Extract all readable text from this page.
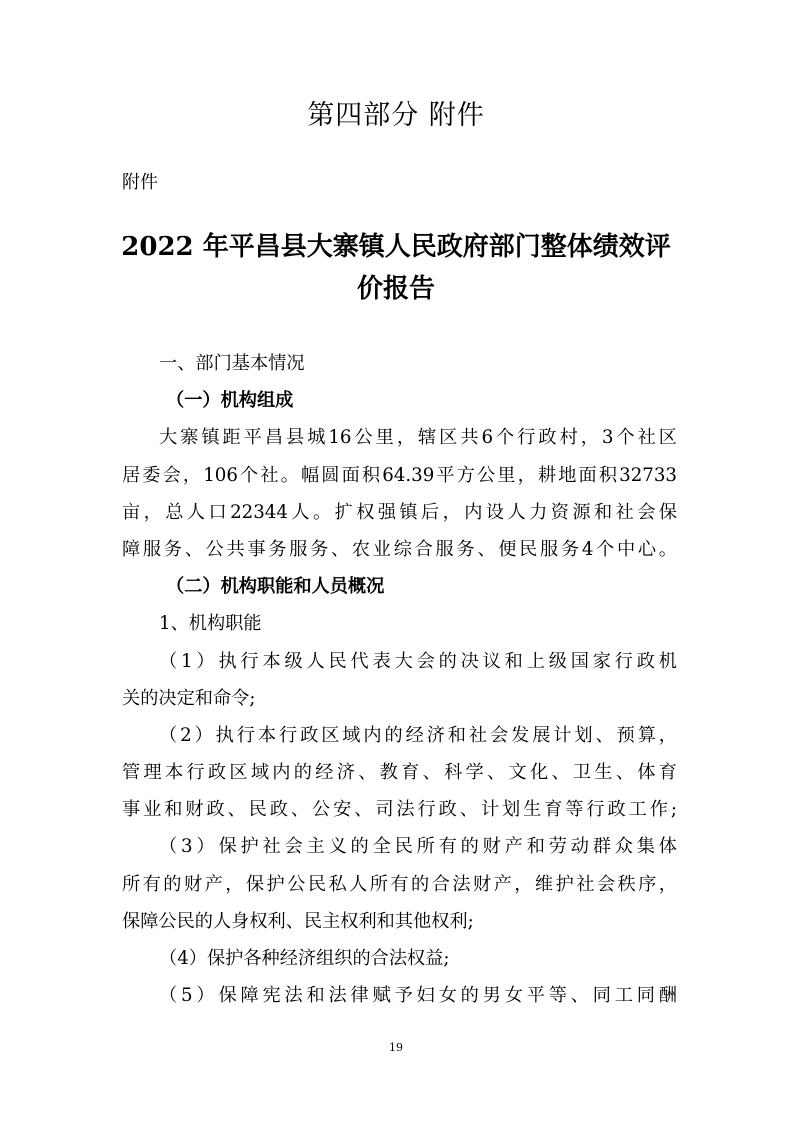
第四部分 附件
附件
2022 年平昌县大寨镇人民政府部门整体绩效评
价报告
一、部门基本情况
（一）机构组成
大寨镇距平昌县城16公里，辖区共6个行政村，3个社区
居委会，106个社。幅圆面积64.39平方公里，耕地面积32733
亩，总人口22344人。扩权强镇后，内设人力资源和社会保
障服务、公共事务服务、农业综合服务、便民服务4个中心。
（二）机构职能和人员概况
1、机构职能
（1）执行本级人民代表大会的决议和上级国家行政机
关的决定和命令;
（2）执行本行政区域内的经济和社会发展计划、预算，
管理本行政区域内的经济、教育、科学、文化、卫生、体育
事业和财政、民政、公安、司法行政、计划生育等行政工作;
（3）保护社会主义的全民所有的财产和劳动群众集体
所有的财产，保护公民私人所有的合法财产，维护社会秩序，
保障公民的人身权利、民主权利和其他权利;
（4）保护各种经济组织的合法权益;
（5）保障宪法和法律赋予妇女的男女平等、同工同酬
19
